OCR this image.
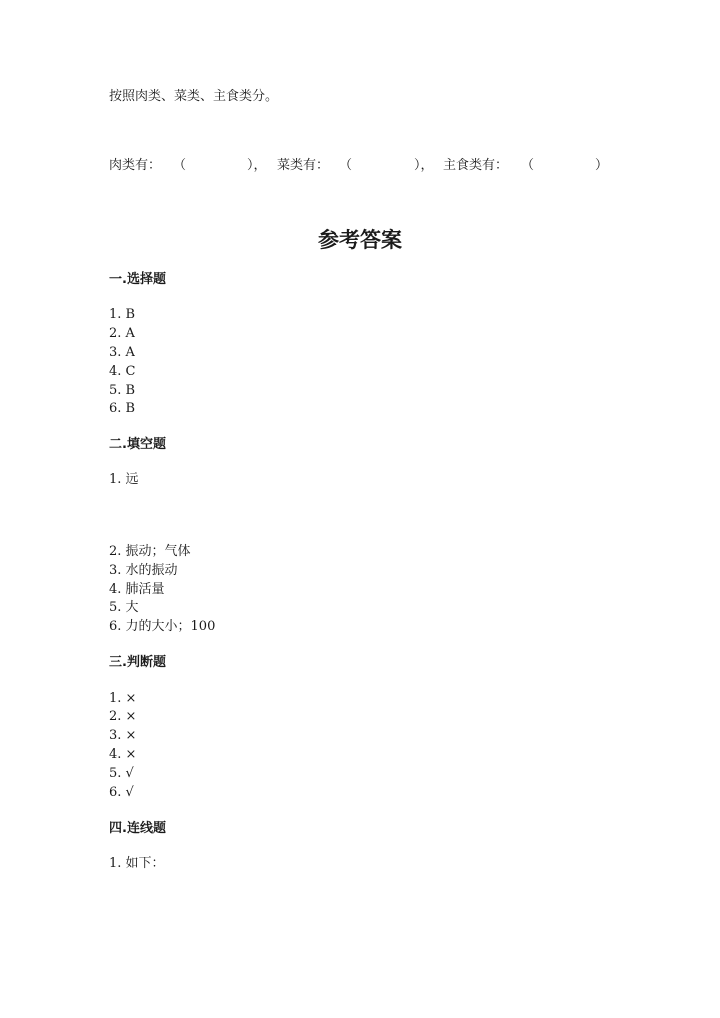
按照肉类、菜类、主食类分。
肉类有： （	）， 菜类有： （	）， 主食类有： （	）
参考答案
一.选择题
1. B
2. A
3. A
4. C
5. B
6. B
二.填空题
1. 远
2. 振动；气体
3. 水的振动
4. 肺活量
5. 大
6. 力的大小；100
三.判断题
1. ×
2. ×
3. ×
4. ×
5. √
6. √
四.连线题
1. 如下：
